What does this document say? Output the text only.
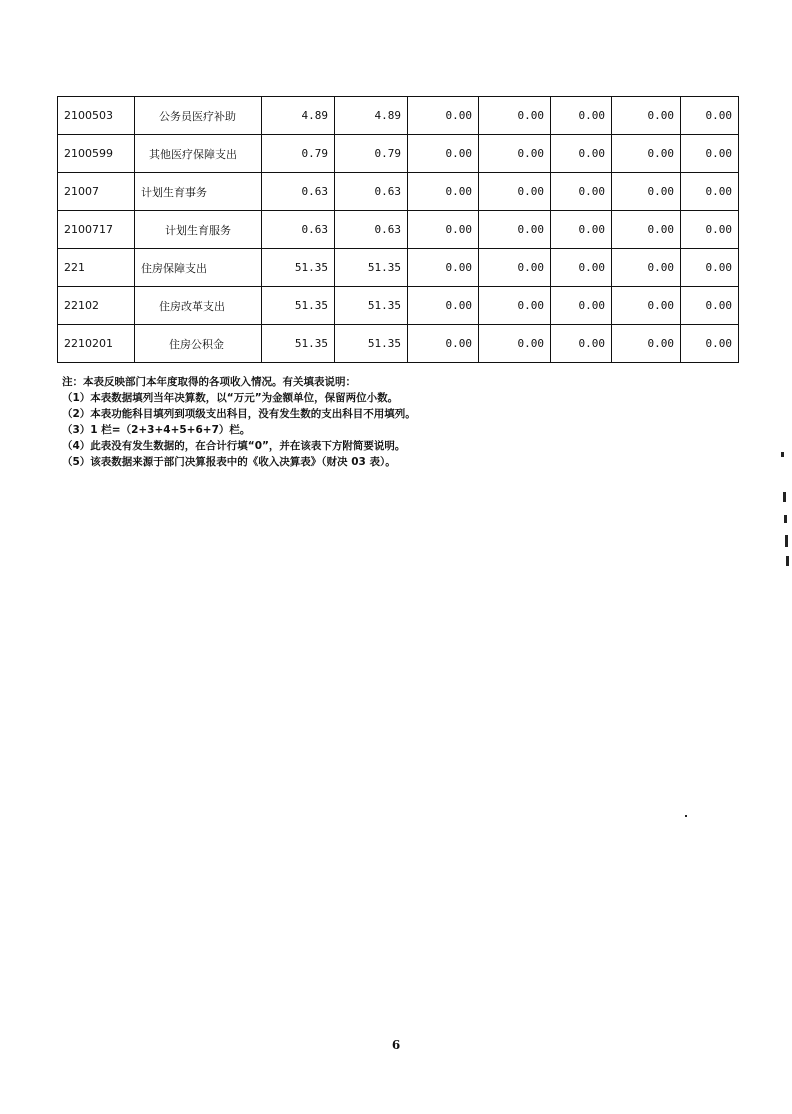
2100503	公务员医疗补助	4.89	4.89	0.00	0.00	0.00	0.00	0.00
2100599	其他医疗保障支出	0.79	0.79	0.00	0.00	0.00	0.00	0.00
21007	计划生育事务	0.63	0.63	0.00	0.00	0.00	0.00	0.00
2100717	计划生育服务	0.63	0.63	0.00	0.00	0.00	0.00	0.00
221	住房保障支出	51.35	51.35	0.00	0.00	0.00	0.00	0.00
22102	住房改革支出	51.35	51.35	0.00	0.00	0.00	0.00	0.00
2210201	住房公积金	51.35	51.35	0.00	0.00	0.00	0.00	0.00
注：本表反映部门本年度取得的各项收入情况。有关填表说明：
（1）本表数据填列当年决算数，以“万元”为金额单位，保留两位小数。
（2）本表功能科目填列到项级支出科目，没有发生数的支出科目不用填列。
（3）1 栏=（2+3+4+5+6+7）栏。
（4）此表没有发生数据的，在合计行填“0”，并在该表下方附简要说明。
（5）该表数据来源于部门决算报表中的《收入决算表》（财决 03 表）。
6
